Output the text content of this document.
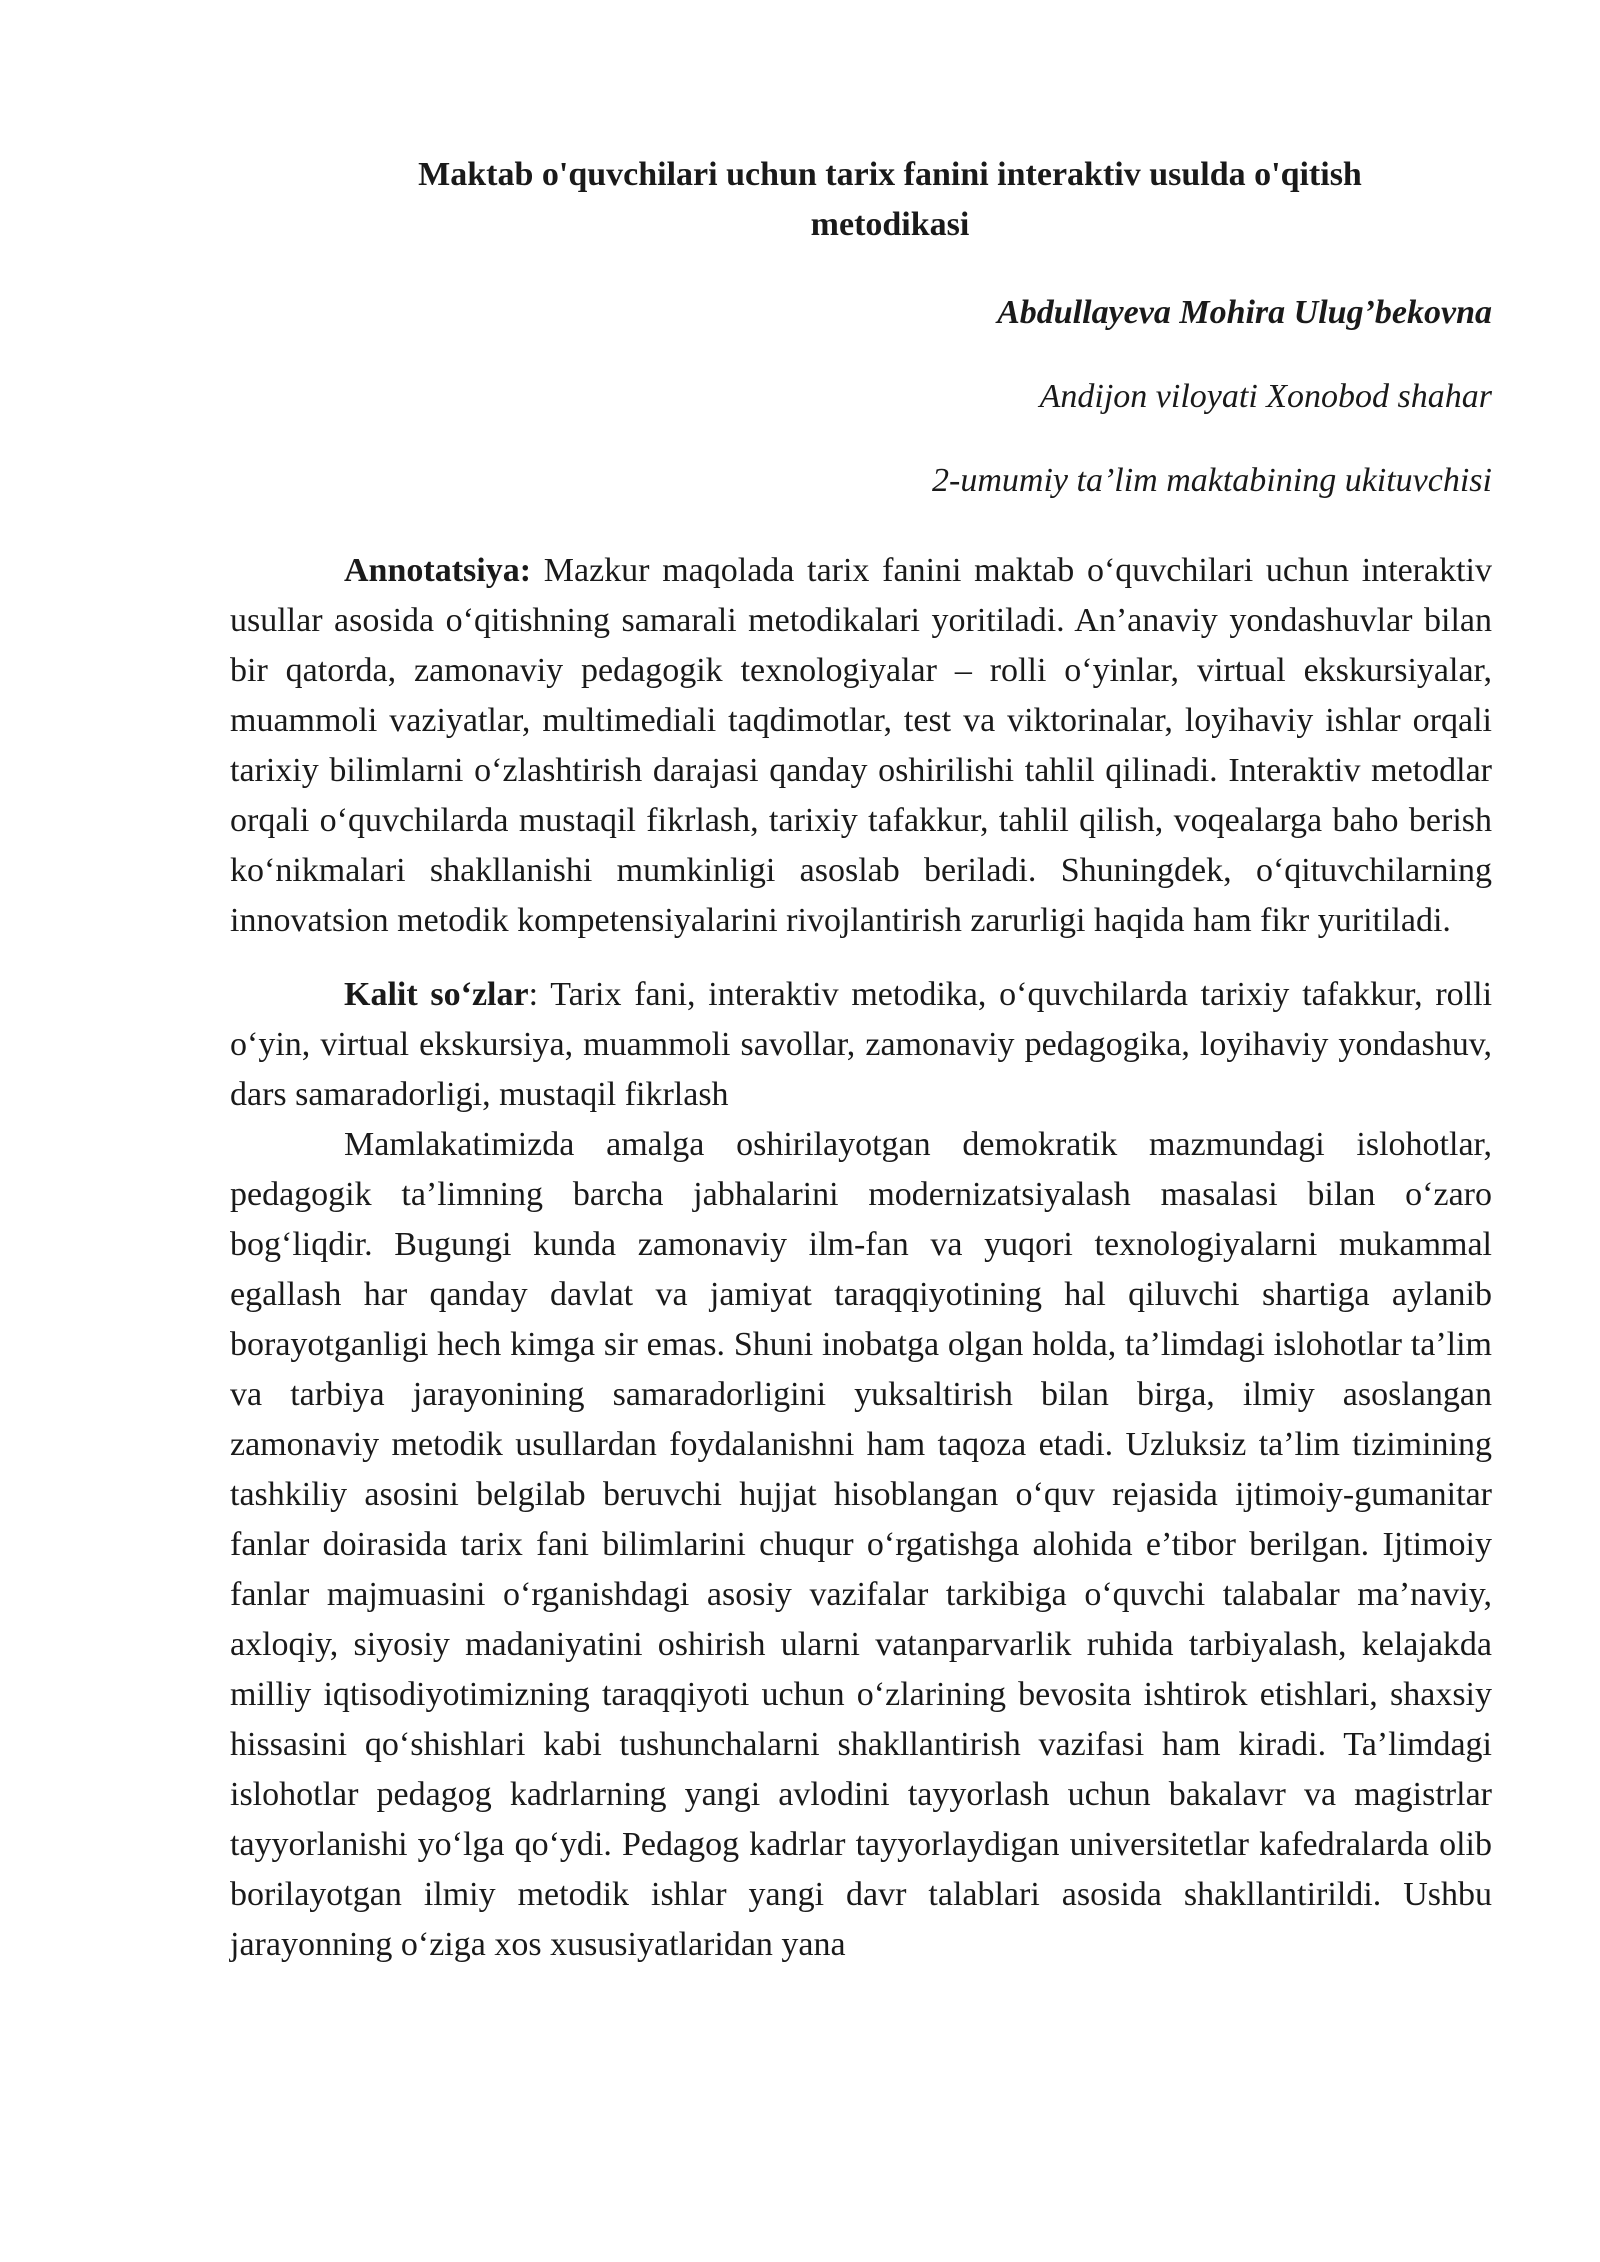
Maktab o'quvchilari uchun tarix fanini interaktiv usulda o'qitish metodikasi
Abdullayeva Mohira Ulug’bekovna
Andijon viloyati Xonobod shahar
2-umumiy ta’lim maktabining ukituvchisi

Annotatsiya: Mazkur maqolada tarix fanini maktab o‘quvchilari uchun interaktiv usullar asosida o‘qitishning samarali metodikalari yoritiladi. An’anaviy yondashuvlar bilan bir qatorda, zamonaviy pedagogik texnologiyalar – rolli o‘yinlar, virtual ekskursiyalar, muammoli vaziyatlar, multimediali taqdimotlar, test va viktorinalar, loyihaviy ishlar orqali tarixiy bilimlarni o‘zlashtirish darajasi qanday oshirilishi tahlil qilinadi. Interaktiv metodlar orqali o‘quvchilarda mustaqil fikrlash, tarixiy tafakkur, tahlil qilish, voqealarga baho berish ko‘nikmalari shakllanishi mumkinligi asoslab beriladi. Shuningdek, o‘qituvchilarning innovatsion metodik kompetensiyalarini rivojlantirish zarurligi haqida ham fikr yuritiladi.

Kalit so‘zlar: Tarix fani, interaktiv metodika, o‘quvchilarda tarixiy tafakkur, rolli o‘yin, virtual ekskursiya, muammoli savollar, zamonaviy pedagogika, loyihaviy yondashuv, dars samaradorligi, mustaqil fikrlash

Mamlakatimizda amalga oshirilayotgan demokratik mazmundagi islohotlar, pedagogik ta’limning barcha jabhalarini modernizatsiyalash masalasi bilan o‘zaro bog‘liqdir. Bugungi kunda zamonaviy ilm-fan va yuqori texnologiyalarni mukammal egallash har qanday davlat va jamiyat taraqqiyotining hal qiluvchi shartiga aylanib borayotganligi hech kimga sir emas. Shuni inobatga olgan holda, ta’limdagi islohotlar ta’lim va tarbiya jarayonining samaradorligini yuksaltirish bilan birga, ilmiy asoslangan zamonaviy metodik usullardan foydalanishni ham taqoza etadi. Uzluksiz ta’lim tizimining tashkiliy asosini belgilab beruvchi hujjat hisoblangan o‘quv rejasida ijtimoiy-gumanitar fanlar doirasida tarix fani bilimlarini chuqur o‘rgatishga alohida e’tibor berilgan. Ijtimoiy fanlar majmuasini o‘rganishdagi asosiy vazifalar tarkibiga o‘quvchi talabalar ma’naviy, axloqiy, siyosiy madaniyatini oshirish ularni vatanparvarlik ruhida tarbiyalash, kelajakda milliy iqtisodiyotimizning taraqqiyoti uchun o‘zlarining bevosita ishtirok etishlari, shaxsiy hissasini qo‘shishlari kabi tushunchalarni shakllantirish vazifasi ham kiradi. Ta’limdagi islohotlar pedagog kadrlarning yangi avlodini tayyorlash uchun bakalavr va magistrlar tayyorlanishi yo‘lga qo‘ydi. Pedagog kadrlar tayyorlaydigan universitetlar kafedralarda olib borilayotgan ilmiy metodik ishlar yangi davr talablari asosida shakllantirildi. Ushbu jarayonning o‘ziga xos xususiyatlaridan yana
